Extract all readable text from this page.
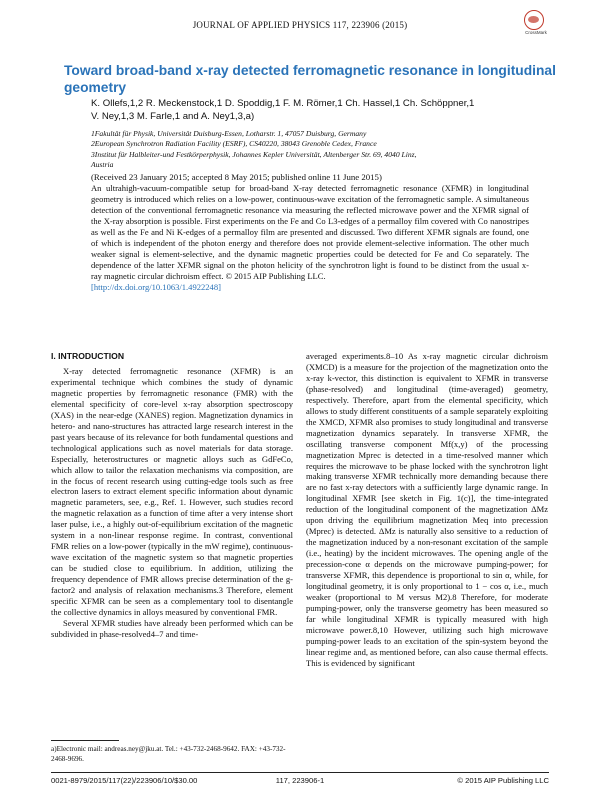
JOURNAL OF APPLIED PHYSICS 117, 223906 (2015)
CrossMark
Toward broad-band x-ray detected ferromagnetic resonance in longitudinal geometry
K. Ollefs,1,2 R. Meckenstock,1 D. Spoddig,1 F. M. Römer,1 Ch. Hassel,1 Ch. Schöppner,1
V. Ney,1,3 M. Farle,1 and A. Ney1,3,a)
1Fakultät für Physik, Universität Duisburg-Essen, Lotharstr. 1, 47057 Duisburg, Germany
2European Synchrotron Radiation Facility (ESRF), CS40220, 38043 Grenoble Cedex, France
3Institut für Halbleiter-und Festkörperphysik, Johannes Kepler Universität, Altenberger Str. 69, 4040 Linz,
Austria
(Received 23 January 2015; accepted 8 May 2015; published online 11 June 2015)

An ultrahigh-vacuum-compatible setup for broad-band X-ray detected ferromagnetic resonance (XFMR) in longitudinal geometry is introduced which relies on a low-power, continuous-wave excitation of the ferromagnetic sample. A simultaneous detection of the conventional ferromagnetic resonance via measuring the reflected microwave power and the XFMR signal of the X-ray absorption is possible. First experiments on the Fe and Co L3-edges of a permalloy film covered with Co nanostripes as well as the Fe and Ni K-edges of a permalloy film are presented and discussed. Two different XFMR signals are found, one of which is independent of the photon energy and therefore does not provide element-selective information. The other much weaker signal is element-selective, and the dynamic magnetic properties could be detected for Fe and Co separately. The dependence of the latter XFMR signal on the photon helicity of the synchrotron light is found to be distinct from the usual x-ray magnetic circular dichroism effect. © 2015 AIP Publishing LLC.

[http://dx.doi.org/10.1063/1.4922248]

I. INTRODUCTION

X-ray detected ferromagnetic resonance (XFMR) is an experimental technique which combines the study of dynamic magnetic properties by ferromagnetic resonance (FMR) with the elemental specificity of core-level x-ray absorption spectroscopy (XAS) in the near-edge (XANES) region. Magnetization dynamics in hetero- and nano-structures has attracted large research interest in the past years because of its relevance for both fundamental questions and technological applications such as novel materials for data storage. Especially, heterostructures or magnetic alloys such as GdFeCo, which allow to tailor the relaxation mechanisms via composition, are in the focus of recent research using cutting-edge tools such as free electron lasers to extract element specific information about dynamic magnetic parameters, see, e.g., Ref. 1. However, such studies record the magnetic relaxation as a function of time after a very intense short laser pulse, i.e., a highly out-of-equilibrium excitation of the magnetic system in a non-linear response regime. In contrast, conventional FMR relies on a low-power (typically in the mW regime), continuous-wave excitation of the magnetic system so that magnetic properties can be studied close to equilibrium. In addition, utilizing the frequency dependence of FMR allows precise determination of the g-factor2 and analysis of relaxation mechanisms.3 Therefore, element specific XFMR can be seen as a complementary tool to disentangle the collective dynamics in alloys measured by conventional FMR.

Several XFMR studies have already been performed which can be subdivided in phase-resolved4–7 and time-

averaged experiments.8–10 As x-ray magnetic circular dichroism (XMCD) is a measure for the projection of the magnetization onto the x-ray k-vector, this distinction is equivalent to XFMR in transverse (phase-resolved) and longitudinal (time-averaged) geometry, respectively. Therefore, apart from the elemental specificity, which allows to study different constituents of a sample separately exploiting the XMCD, XFMR also promises to study longitudinal and transverse magnetization dynamics separately. In transverse XFMR, the oscillating transverse component Mf(x,y) of the processing magnetization Mprec is detected in a time-resolved manner which requires the microwave to be phase locked with the synchrotron light making transverse XFMR technically more demanding because there are no fast x-ray detectors with a sufficiently large dynamic range. In longitudinal XFMR [see sketch in Fig. 1(c)], the time-integrated reduction of the longitudinal component of the magnetization ΔMz upon driving the equilibrium magnetization Meq into precession (Mprec) is detected. ΔMz is naturally also sensitive to a reduction of the magnetization induced by a non-resonant excitation of the sample (i.e., heating) by the incident microwaves. The opening angle of the precession-cone α depends on the microwave pumping-power; for transverse XFMR, this dependence is proportional to sin α, while, for longitudinal geometry, it is only proportional to 1 − cos α, i.e., much weaker (proportional to M versus M2).8 Therefore, for moderate pumping-power, only the transverse geometry has been measured so far while longitudinal XFMR is typically measured with high microwave power.8,10 However, utilizing such high microwave pumping-power leads to an excitation of the spin-system beyond the linear regime and, as mentioned before, can also cause thermal effects. This is evidenced by significant

a)Electronic mail: andreas.ney@jku.at. Tel.: +43-732-2468-9642. FAX: +43-732-2468-9696.
0021-8979/2015/117(22)/223906/10/$30.00	117, 223906-1	© 2015 AIP Publishing LLC
